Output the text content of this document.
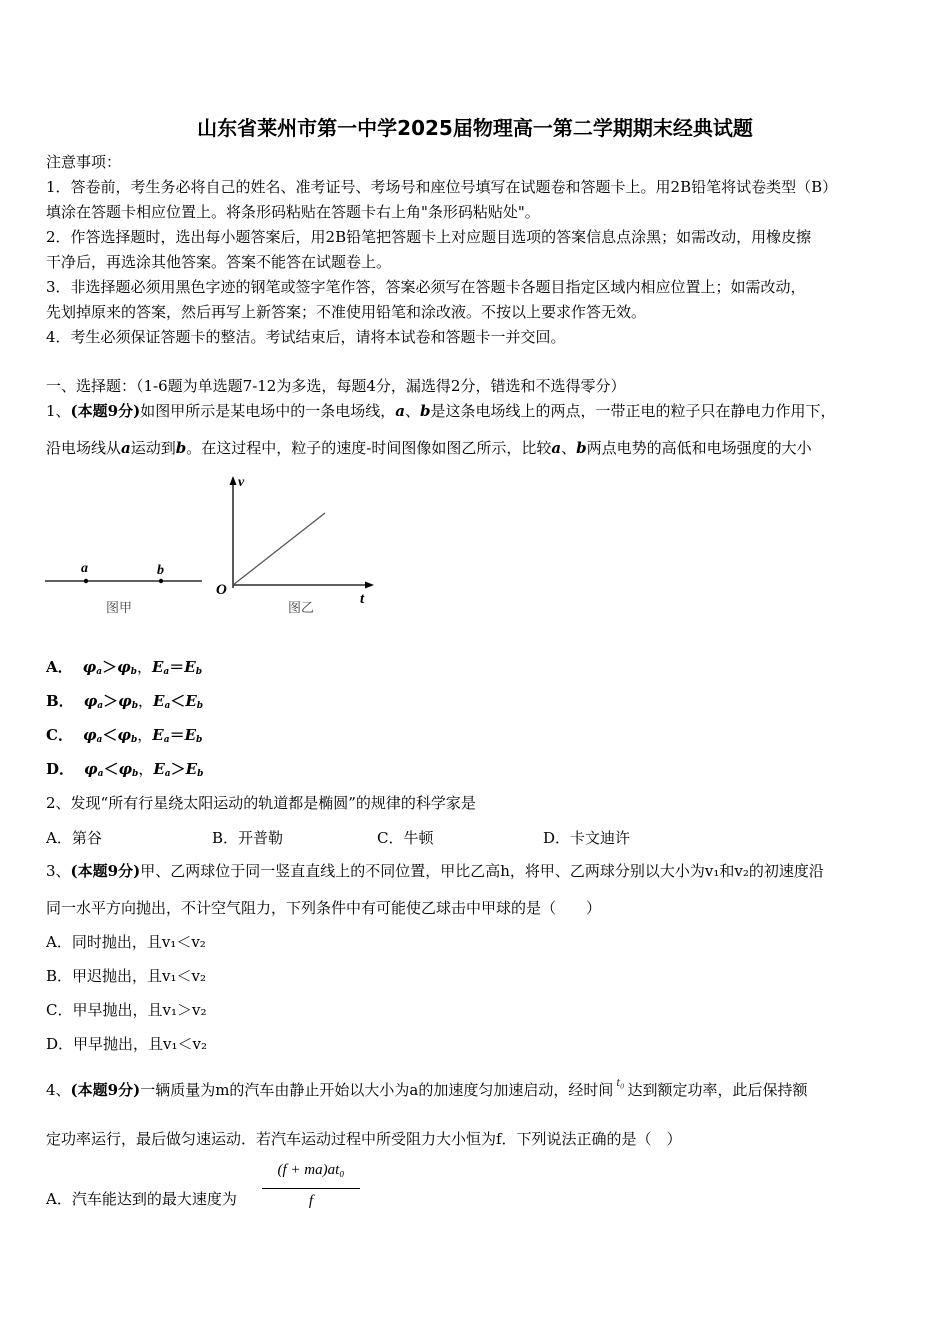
山东省莱州市第一中学2025届物理高一第二学期期末经典试题
注意事项：
1．答卷前，考生务必将自己的姓名、准考证号、考场号和座位号填写在试题卷和答题卡上。用2B铅笔将试卷类型（B）
填涂在答题卡相应位置上。将条形码粘贴在答题卡右上角"条形码粘贴处"。
2．作答选择题时，选出每小题答案后，用2B铅笔把答题卡上对应题目选项的答案信息点涂黑；如需改动，用橡皮擦
干净后，再选涂其他答案。答案不能答在试题卷上。
3．非选择题必须用黑色字迹的钢笔或签字笔作答，答案必须写在答题卡各题目指定区域内相应位置上；如需改动，
先划掉原来的答案，然后再写上新答案；不准使用铅笔和涂改液。不按以上要求作答无效。
4．考生必须保证答题卡的整洁。考试结束后，请将本试卷和答题卡一并交回。
一、选择题：（1-6题为单选题7-12为多选，每题4分，漏选得2分，错选和不选得零分）
1、(本题9分)如图甲所示是某电场中的一条电场线，a、b是这条电场线上的两点，一带正电的粒子只在静电力作用下，
沿电场线从a运动到b。在这过程中，粒子的速度-时间图像如图乙所示，比较a、b两点电势的高低和电场强度的大小
a	b
图甲
v
t
O
图乙
A． $\varphi_a>\varphi_b$，$E_a=E_b$
B． $\varphi_a>\varphi_b$，$E_a<E_b$
C． $\varphi_a<\varphi_b$，$E_a=E_b$
D． $\varphi_a<\varphi_b$，$E_a>E_b$
2、发现“所有行星绕太阳运动的轨道都是椭圆”的规律的科学家是
A．第谷	B．开普勒	C．牛顿	D．卡文迪许
3、(本题9分)甲、乙两球位于同一竖直直线上的不同位置，甲比乙高h，将甲、乙两球分别以大小为v₁和v₂的初速度沿
同一水平方向抛出，不计空气阻力，下列条件中有可能使乙球击中甲球的是（　　）
A．同时抛出，且v₁＜v₂
B．甲迟抛出，且v₁＜v₂
C．甲早抛出，且v₁＞v₂
D．甲早抛出，且v₁＜v₂
4、(本题9分)一辆质量为m的汽车由静止开始以大小为a的加速度匀加速启动，经时间 t₀ 达到额定功率，此后保持额
定功率运行，最后做匀速运动．若汽车运动过程中所受阻力大小恒为f．下列说法正确的是（　）
A．汽车能达到的最大速度为
(f + ma)at₀
f
